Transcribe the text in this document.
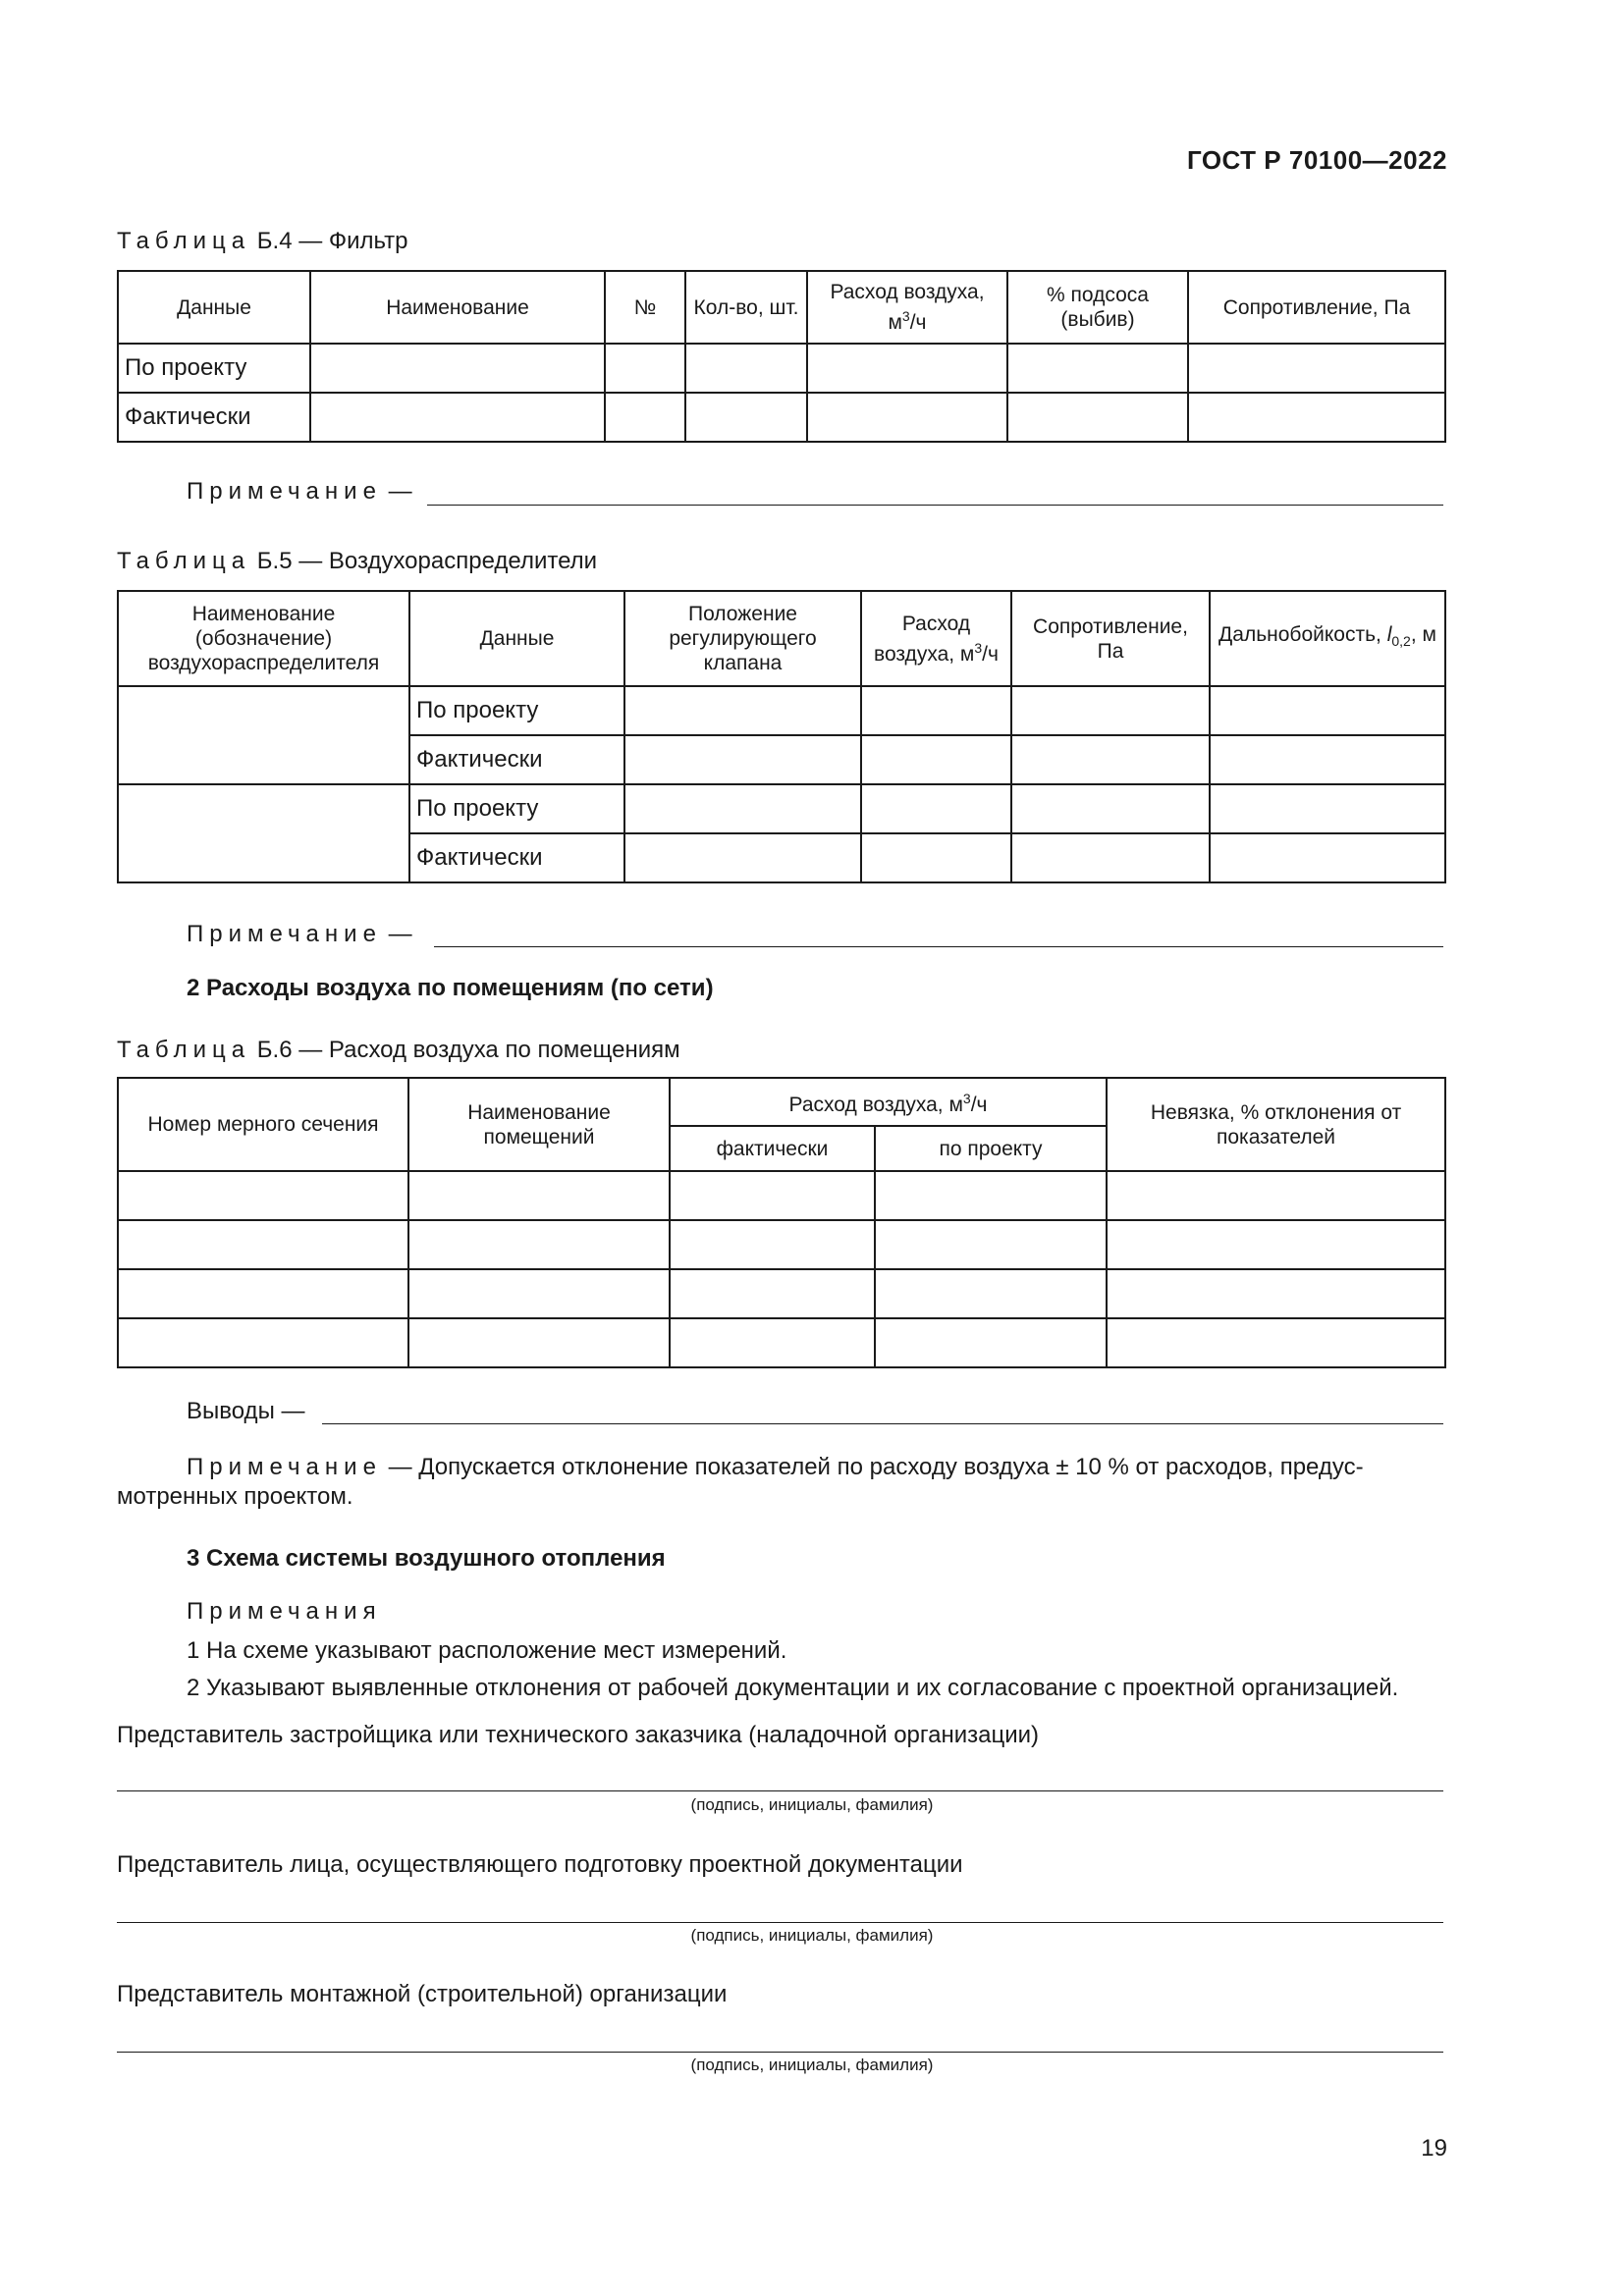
ГОСТ Р 70100—2022
Таблица Б.4 — Фильтр
Данные	Наименование	№	Кол-во, шт.	Расход воздуха, $м^3/ч$	% подсоса (выбив)	Сопротивление, Па
По проекту						
Фактически						
Примечание —
Таблица Б.5 — Воздухораспределители
Наименование (обозначение) воздухораспределителя	Данные	Положение регулирующего клапана	Расход воздуха, $м^3/ч$	Сопротивление, Па	Дальнобойкость, $l_{0,2}$, м
	По проекту				
	Фактически				
	По проекту				
	Фактически				
Примечание —
2 Расходы воздуха по помещениям (по сети)
Таблица Б.6 — Расход воздуха по помещениям
Номер мерного сечения	Наименование помещений	Расход воздуха, $м^3/ч$		Невязка, % отклонения от показателей
		фактически	по проекту	

Выводы —
Примечание — Допускается отклонение показателей по расходу воздуха ± 10 % от расходов, предус-
мотренных проектом.
3 Схема системы воздушного отопления
Примечания
1 На схеме указывают расположение мест измерений.
2 Указывают выявленные отклонения от рабочей документации и их согласование с проектной организацией.
Представитель застройщика или технического заказчика (наладочной организации)
(подпись, инициалы, фамилия)
Представитель лица, осуществляющего подготовку проектной документации
(подпись, инициалы, фамилия)
Представитель монтажной (строительной) организации
(подпись, инициалы, фамилия)
19
